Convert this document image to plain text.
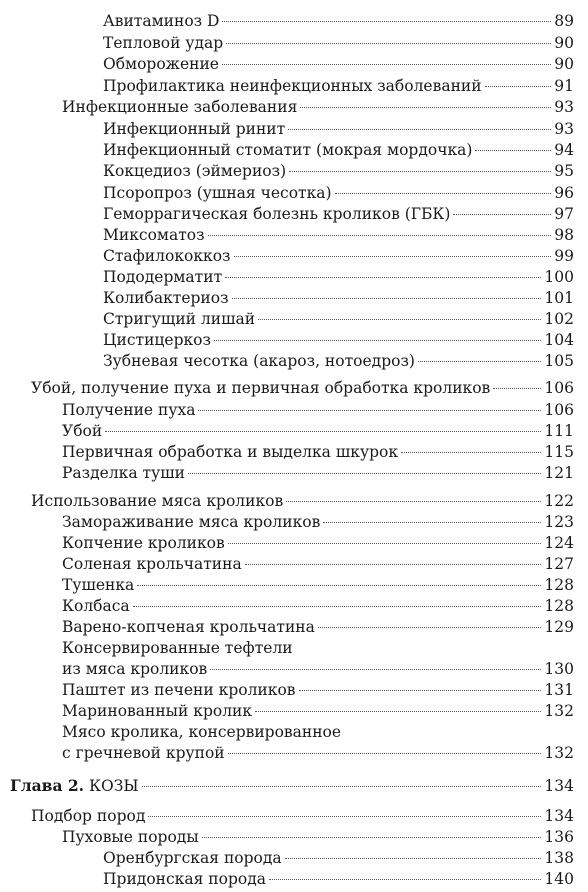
Авитаминоз D	89
Тепловой удар	90
Обморожение	90
Профилактика неинфекционных заболеваний	91
Инфекционные заболевания	93
Инфекционный ринит	93
Инфекционный стоматит (мокрая мордочка)	94
Кокцедиоз (эймериоз)	95
Псоропроз (ушная чесотка)	96
Геморрагическая болезнь кроликов (ГБК)	97
Миксоматоз	98
Стафилококкоз	99
Пододерматит	100
Колибактериоз	101
Стригущий лишай	102
Цистицеркоз	104
Зубневая чесотка (акароз, нотоедроз)	105
Убой, получение пуха и первичная обработка кроликов	106
Получение пуха	106
Убой	111
Первичная обработка и выделка шкурок	115
Разделка туши	121
Использование мяса кроликов	122
Замораживание мяса кроликов	123
Копчение кроликов	124
Соленая крольчатина	127
Тушенка	128
Колбаса	128
Варено-копченая крольчатина	129
Консервированные тефтели
из мяса кроликов	130
Паштет из печени кроликов	131
Маринованный кролик	132
Мясо кролика, консервированное
с гречневой крупой	132
Глава 2. КОЗЫ	134
Подбор пород	134
Пуховые породы	136
Оренбургская порода	138
Придонская порода	140
